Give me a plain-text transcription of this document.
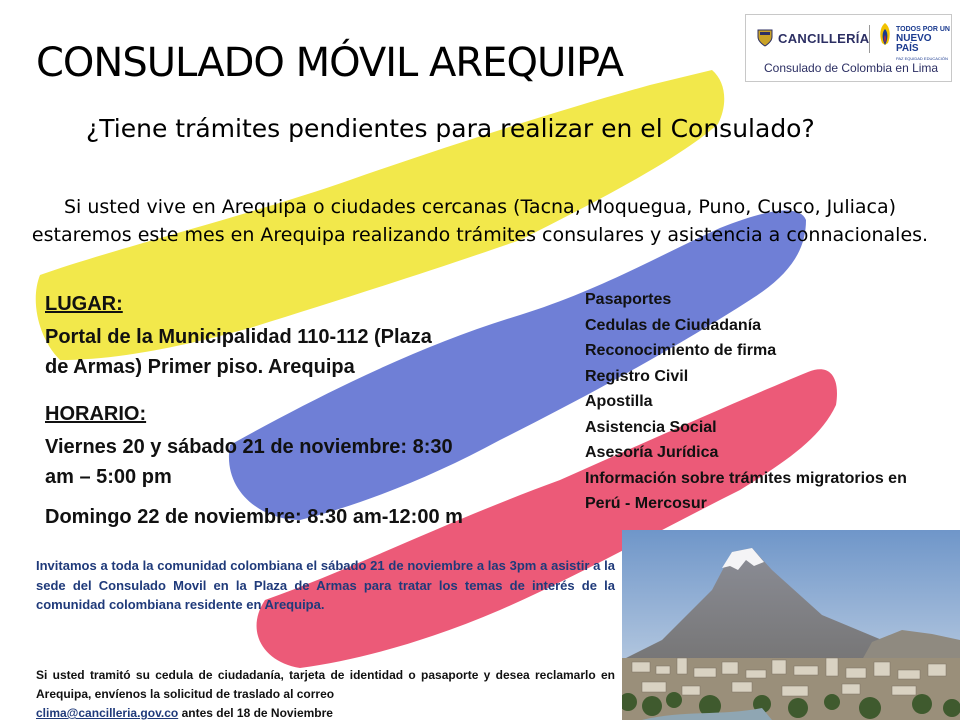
CANCILLERÍA
TODOS POR UN
NUEVO PAÍS
PAZ EQUIDAD EDUCACIÓN
Consulado de Colombia en Lima
CONSULADO MÓVIL AREQUIPA
¿Tiene trámites pendientes para realizar en el Consulado?
Si usted vive en Arequipa o ciudades cercanas (Tacna, Moquegua, Puno, Cusco, Juliaca)
estaremos este mes en Arequipa realizando trámites consulares y asistencia a connacionales.
LUGAR:
Portal de la Municipalidad 110-112 (Plaza
de Armas) Primer piso. Arequipa
HORARIO:
Viernes 20 y sábado 21 de noviembre: 8:30
am – 5:00 pm
Domingo 22 de noviembre: 8:30 am-12:00 m
Pasaportes
Cedulas de Ciudadanía
Reconocimiento de firma
Registro Civil
Apostilla
Asistencia Social
Asesoría Jurídica
Información sobre trámites migratorios en
Perú - Mercosur
Invitamos a toda la comunidad colombiana el sábado 21 de noviembre a las 3pm a asistir a la sede del Consulado Movil en la Plaza de Armas para tratar los temas de interés de la comunidad colombiana residente en Arequipa.
Si usted tramitó su cedula de ciudadanía, tarjeta de identidad o pasaporte y desea reclamarlo en Arequipa, envíenos la solicitud de traslado al correo
clima@cancilleria.gov.co antes del 18 de Noviembre
